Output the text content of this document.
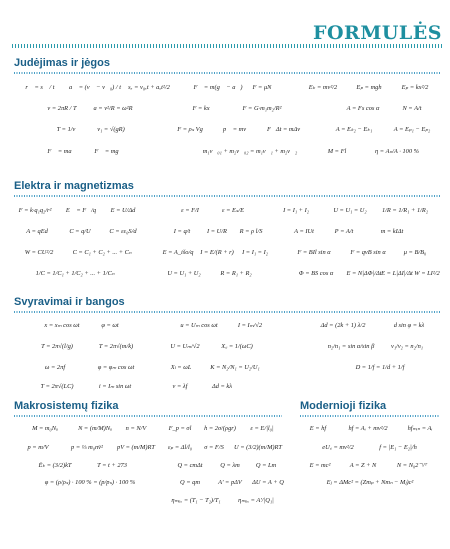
FORMULĖS
Judėjimas ir jėgos
Elektra ir magnetizmas
Svyravimai ir bangos
Makrosistemų fizika	Modernioji fizika
r⃗ = s⃗ / t a⃗ = (v⃗ − v⃗₀) / t sₓ = v₀ₓt + aₓt²/2	F⃗ = m(g⃗ − a⃗) F = μN	Eₖ = mv²/2	Eₚ = mgh	Eₚ = kx²/2
v = 2πR / T	a = v²/R = ω²R	F = kx	F = G·m₁m₂/R²	A = Fs cos α	N = A/t
T = 1/ν	v₁ = √(gR)	F = ρₛ Vg	p⃗ = mv⃗ F⃗Δt = mΔv⃗	A = Eₖ₂ − Eₖ₁	A = Eₚ₁ − Eₚ₂
F⃗ = ma⃗	F⃗ = mg⃗	m₁v⃗₀₁ + m₂v⃗₀₂ = m₁v⃗₁ + m₂v⃗₂	M = Fl	η = Aₙ/A · 100 %
F = k·q₁q₂/r² E⃗ = F⃗/q E = U/Δd	ε = F/I	ε = Eₛ/E	I = I₁ + I₂	U = U₁ = U₂ 1/R = 1/R₁ + 1/R₂
A = qEd	C = q/U	C = εε₀S/d	I = q/t	I = U/R R = ρ l/S	A = IUt	P = A/t	m = kIΔt
W = CU²/2	C = C₁ + C₂ + ... + Cₙ	E = A_išo/q I = E/(R + r) I = I₁ = I₂	F = BIl sin α	F = qvB sin α	μ = B/B₀
1/C = 1/C₁ + 1/C₂ + ... + 1/Cₙ	U = U₁ + U₂	R = R₁ + R₂	Φ = BS cos α E = N|ΔΦ|/Δt E = L|ΔI|/Δt W = LI²/2
x = xₘ cos ωt	φ = ωt	u = Uₘ cos ωt	I = Iₘ/√2	Δd = (2k + 1) λ/2	d sin φ = kλ
T = 2π√(l/g)	T = 2π√(m/k)	U = Uₘ/√2	X꜀ = 1/(ωC)	n₂/n₁ = sin α/sin β	v₁/v₂ = n₂/n₁
ω = 2πf	φ = φₘ cos ωt	Xₗ = ωL	K = N₂/N₁ = U₂/U₁	D = 1/f = 1/d + 1/f
T = 2π√(LC)	i = Iₘ sin ωt	v = λf	Δd = kλ
M = m₀Nₐ	N = (m/M)Nₐ n = N/V	F_p = σl h = 2σ/(ρgr) ε = E/|l₀|
p = m/V	p = ⅓ m₀nv̄² pV = (m/M)RT εₚ = Δl/l₀ σ = F/S U = (3/2)(m/M)RT
Ēₖ = (3/2)kT	T = t + 273	Q = cmΔt	Q = λm	Q = Lm
φ = (ρ/ρₛ) · 100 % = (p/pₛ) · 100 %	Q = qm	A' = pΔV ΔU = A + Q
ηₘₐₓ = (T₁ − T₂)/T₁	ηₘₐₓ = A'/|Q₁|
E = hf	hf = Aᵢ + mv²/2	hfₘᵢₙ = Aᵢ
eU꜀ = mv²/2	f = |E₁ − E₂|/h
E = mc²	A = Z + N	N = N₀2⁻ᵗ/ᵀ
Eⱼ = ΔMc² = (Zmₚ + Nmₙ − Mⱼ)c²
